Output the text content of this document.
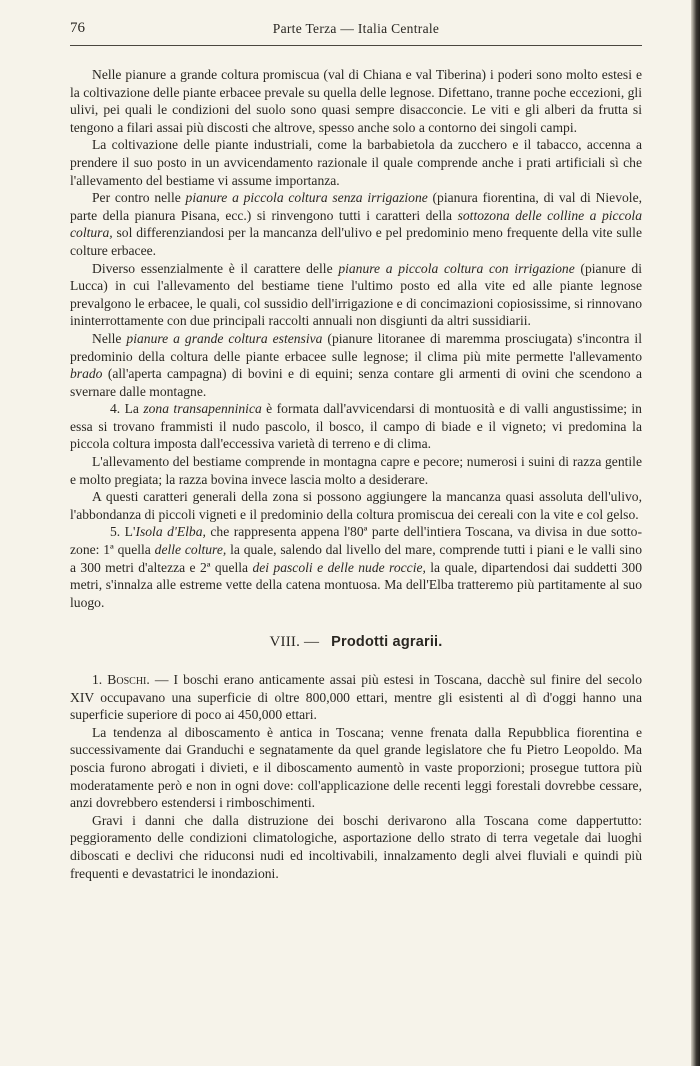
76	Parte Terza — Italia Centrale

Nelle pianure a grande coltura promiscua (val di Chiana e val Tiberina) i poderi sono molto estesi e la coltivazione delle piante erbacee prevale su quella delle legnose. Difettano, tranne poche eccezioni, gli ulivi, pei quali le condizioni del suolo sono quasi sempre disacconcie. Le viti e gli alberi da frutta si tengono a filari assai più discosti che altrove, spesso anche solo a contorno dei singoli campi.

La coltivazione delle piante industriali, come la barbabietola da zucchero e il tabacco, accenna a prendere il suo posto in un avvicendamento razionale il quale comprende anche i prati artificiali sì che l'allevamento del bestiame vi assume importanza.

Per contro nelle pianure a piccola coltura senza irrigazione (pianura fiorentina, di val di Nievole, parte della pianura Pisana, ecc.) si rinvengono tutti i caratteri della sottozona delle colline a piccola coltura, sol differenziandosi per la mancanza dell'ulivo e pel predominio meno frequente della vite sulle colture erbacee.

Diverso essenzialmente è il carattere delle pianure a piccola coltura con irrigazione (pianure di Lucca) in cui l'allevamento del bestiame tiene l'ultimo posto ed alla vite ed alle piante legnose prevalgono le erbacee, le quali, col sussidio dell'irrigazione e di concimazioni copiosissime, si rinnovano ininterrottamente con due principali raccolti annuali non disgiunti da altri sussidiarii.

Nelle pianure a grande coltura estensiva (pianure litoranee di maremma prosciugata) s'incontra il predominio della coltura delle piante erbacee sulle legnose; il clima più mite permette l'allevamento brado (all'aperta campagna) di bovini e di equini; senza contare gli armenti di ovini che scendono a svernare dalle montagne.

4. La zona transapenninica è formata dall'avvicendarsi di montuosità e di valli angustissime; in essa si trovano frammisti il nudo pascolo, il bosco, il campo di biade e il vigneto; vi predomina la piccola coltura imposta dall'eccessiva varietà di terreno e di clima.

L'allevamento del bestiame comprende in montagna capre e pecore; numerosi i suini di razza gentile e molto pregiata; la razza bovina invece lascia molto a desiderare.

A questi caratteri generali della zona si possono aggiungere la mancanza quasi assoluta dell'ulivo, l'abbondanza di piccoli vigneti e il predominio della coltura promiscua dei cereali con la vite e col gelso.

5. L'Isola d'Elba, che rappresenta appena l'80ª parte dell'intiera Toscana, va divisa in due sotto-zone: 1ª quella delle colture, la quale, salendo dal livello del mare, comprende tutti i piani e le valli sino a 300 metri d'altezza e 2ª quella dei pascoli e delle nude roccie, la quale, dipartendosi dai suddetti 300 metri, s'innalza alle estreme vette della catena montuosa. Ma dell'Elba tratteremo più partitamente al suo luogo.

VIII. — Prodotti agrarii.

1. Boschi. — I boschi erano anticamente assai più estesi in Toscana, dacchè sul finire del secolo XIV occupavano una superficie di oltre 800,000 ettari, mentre gli esistenti al dì d'oggi hanno una superficie superiore di poco ai 450,000 ettari.

La tendenza al diboscamento è antica in Toscana; venne frenata dalla Repubblica fiorentina e successivamente dai Granduchi e segnatamente da quel grande legislatore che fu Pietro Leopoldo. Ma poscia furono abrogati i divieti, e il diboscamento aumentò in vaste proporzioni; prosegue tuttora più moderatamente però e non in ogni dove: coll'applicazione delle recenti leggi forestali dovrebbe cessare, anzi dovrebbero estendersi i rimboschimenti.

Gravi i danni che dalla distruzione dei boschi derivarono alla Toscana come dappertutto: peggioramento delle condizioni climatologiche, asportazione dello strato di terra vegetale dai luoghi diboscati e declivi che riduconsi nudi ed incoltivabili, innalzamento degli alvei fluviali e quindi più frequenti e devastatrici le inondazioni.
